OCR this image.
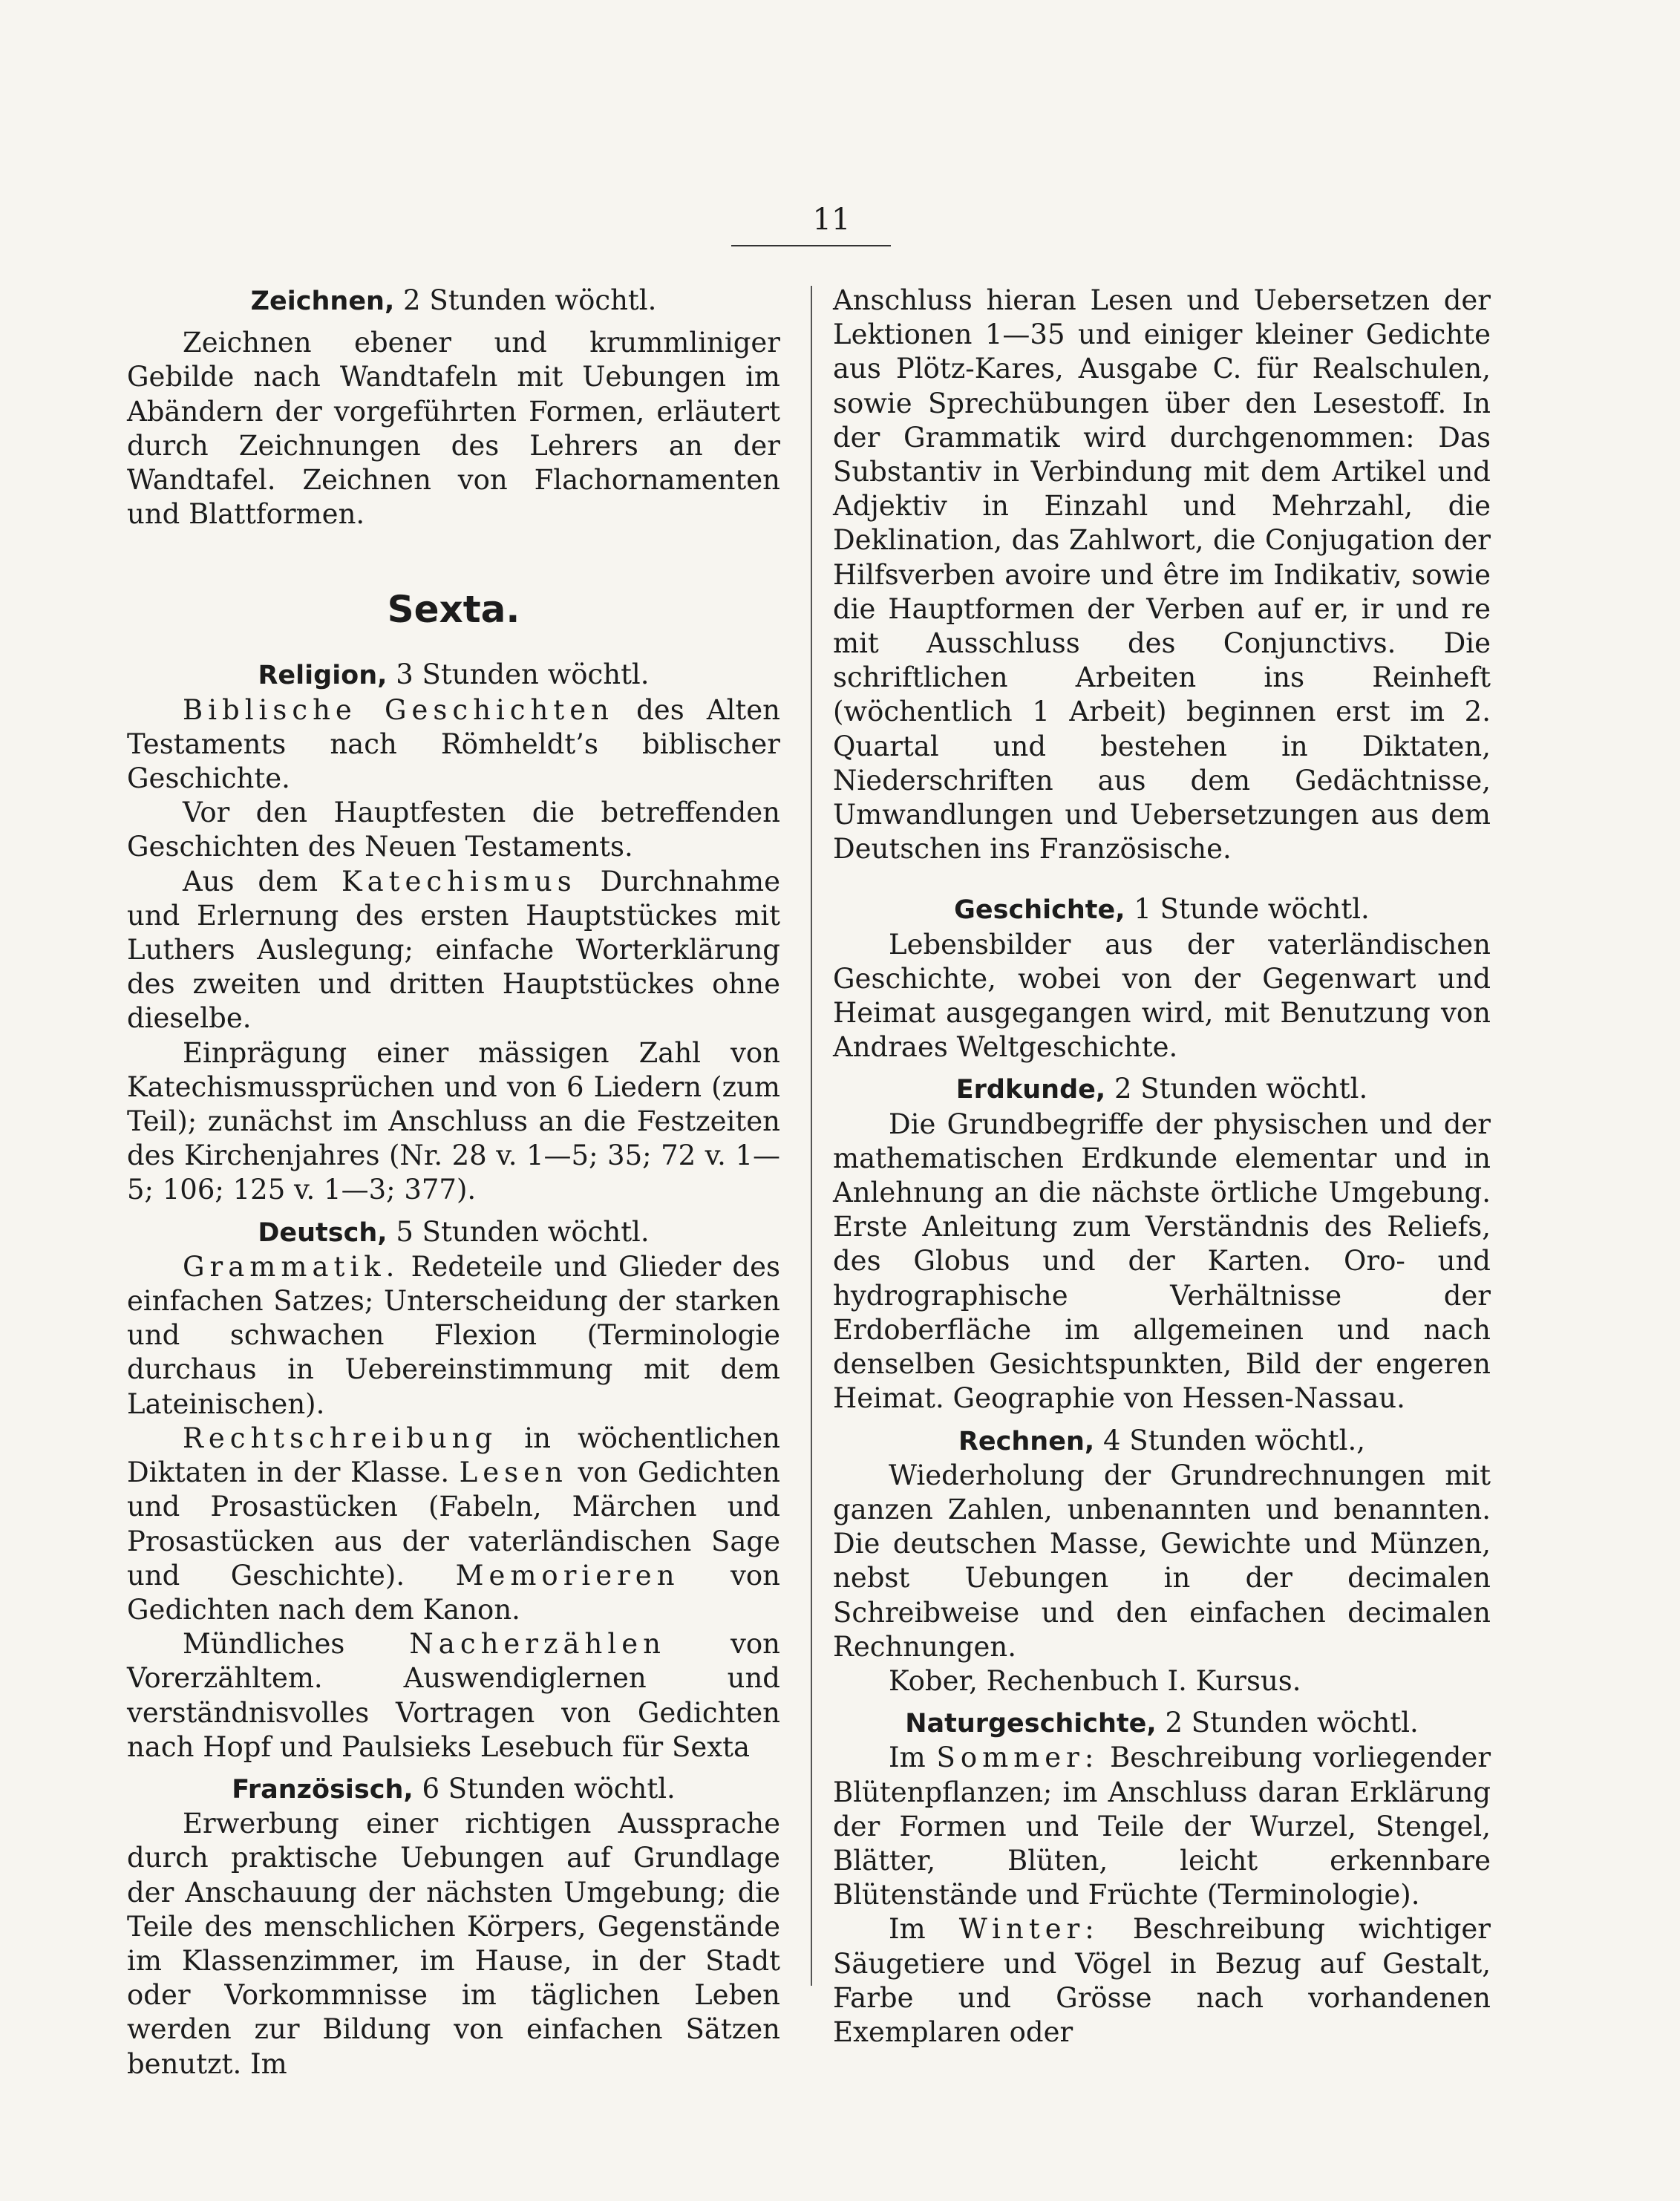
11
Zeichnen, 2 Stunden wöchtl.

Zeichnen ebener und krummliniger Gebilde nach Wandtafeln mit Uebungen im Abändern der vorgeführten Formen, erläutert durch Zeichnungen des Lehrers an der Wandtafel. Zeichnen von Flachornamenten und Blattformen.

Sexta.
Religion, 3 Stunden wöchtl.

Biblische Geschichten des Alten Testaments nach Römheldt’s biblischer Geschichte.

Vor den Hauptfesten die betreffenden Geschichten des Neuen Testaments.

Aus dem Katechismus Durchnahme und Erlernung des ersten Hauptstückes mit Luthers Auslegung; einfache Worterklärung des zweiten und dritten Hauptstückes ohne dieselbe.

Einprägung einer mässigen Zahl von Katechismussprüchen und von 6 Liedern (zum Teil); zunächst im Anschluss an die Festzeiten des Kirchenjahres (Nr. 28 v. 1—5; 35; 72 v. 1—5; 106; 125 v. 1—3; 377).

Deutsch, 5 Stunden wöchtl.

Grammatik. Redeteile und Glieder des einfachen Satzes; Unterscheidung der starken und schwachen Flexion (Terminologie durchaus in Uebereinstimmung mit dem Lateinischen).

Rechtschreibung in wöchentlichen Diktaten in der Klasse. Lesen von Gedichten und Prosastücken (Fabeln, Märchen und Prosastücken aus der vaterländischen Sage und Geschichte). Memorieren von Gedichten nach dem Kanon.

Mündliches Nacherzählen von Vorerzähltem. Auswendiglernen und verständnisvolles Vortragen von Gedichten nach Hopf und Paulsieks Lesebuch für Sexta

Französisch, 6 Stunden wöchtl.

Erwerbung einer richtigen Aussprache durch praktische Uebungen auf Grundlage der Anschauung der nächsten Umgebung; die Teile des menschlichen Körpers, Gegenstände im Klassenzimmer, im Hause, in der Stadt oder Vorkommnisse im täglichen Leben werden zur Bildung von einfachen Sätzen benutzt. Im

Anschluss hieran Lesen und Uebersetzen der Lektionen 1—35 und einiger kleiner Gedichte aus Plötz-Kares, Ausgabe C. für Realschulen, sowie Sprechübungen über den Lesestoff. In der Grammatik wird durchgenommen: Das Substantiv in Verbindung mit dem Artikel und Adjektiv in Einzahl und Mehrzahl, die Deklination, das Zahlwort, die Conjugation der Hilfsverben avoire und être im Indikativ, sowie die Hauptformen der Verben auf er, ir und re mit Ausschluss des Conjunctivs. Die schriftlichen Arbeiten ins Reinheft (wöchentlich 1 Arbeit) beginnen erst im 2. Quartal und bestehen in Diktaten, Niederschriften aus dem Gedächtnisse, Umwandlungen und Uebersetzungen aus dem Deutschen ins Französische.

Geschichte, 1 Stunde wöchtl.

Lebensbilder aus der vaterländischen Geschichte, wobei von der Gegenwart und Heimat ausgegangen wird, mit Benutzung von Andraes Weltgeschichte.

Erdkunde, 2 Stunden wöchtl.

Die Grundbegriffe der physischen und der mathematischen Erdkunde elementar und in Anlehnung an die nächste örtliche Umgebung. Erste Anleitung zum Verständnis des Reliefs, des Globus und der Karten. Oro- und hydrographische Verhältnisse der Erdoberfläche im allgemeinen und nach denselben Gesichtspunkten, Bild der engeren Heimat. Geographie von Hessen-Nassau.

Rechnen, 4 Stunden wöchtl.,

Wiederholung der Grundrechnungen mit ganzen Zahlen, unbenannten und benannten. Die deutschen Masse, Gewichte und Münzen, nebst Uebungen in der decimalen Schreibweise und den einfachen decimalen Rechnungen.

Kober, Rechenbuch I. Kursus.

Naturgeschichte, 2 Stunden wöchtl.

Im Sommer: Beschreibung vorliegender Blütenpflanzen; im Anschluss daran Erklärung der Formen und Teile der Wurzel, Stengel, Blätter, Blüten, leicht erkennbare Blütenstände und Früchte (Terminologie).

Im Winter: Beschreibung wichtiger Säugetiere und Vögel in Bezug auf Gestalt, Farbe und Grösse nach vorhandenen Exemplaren oder
